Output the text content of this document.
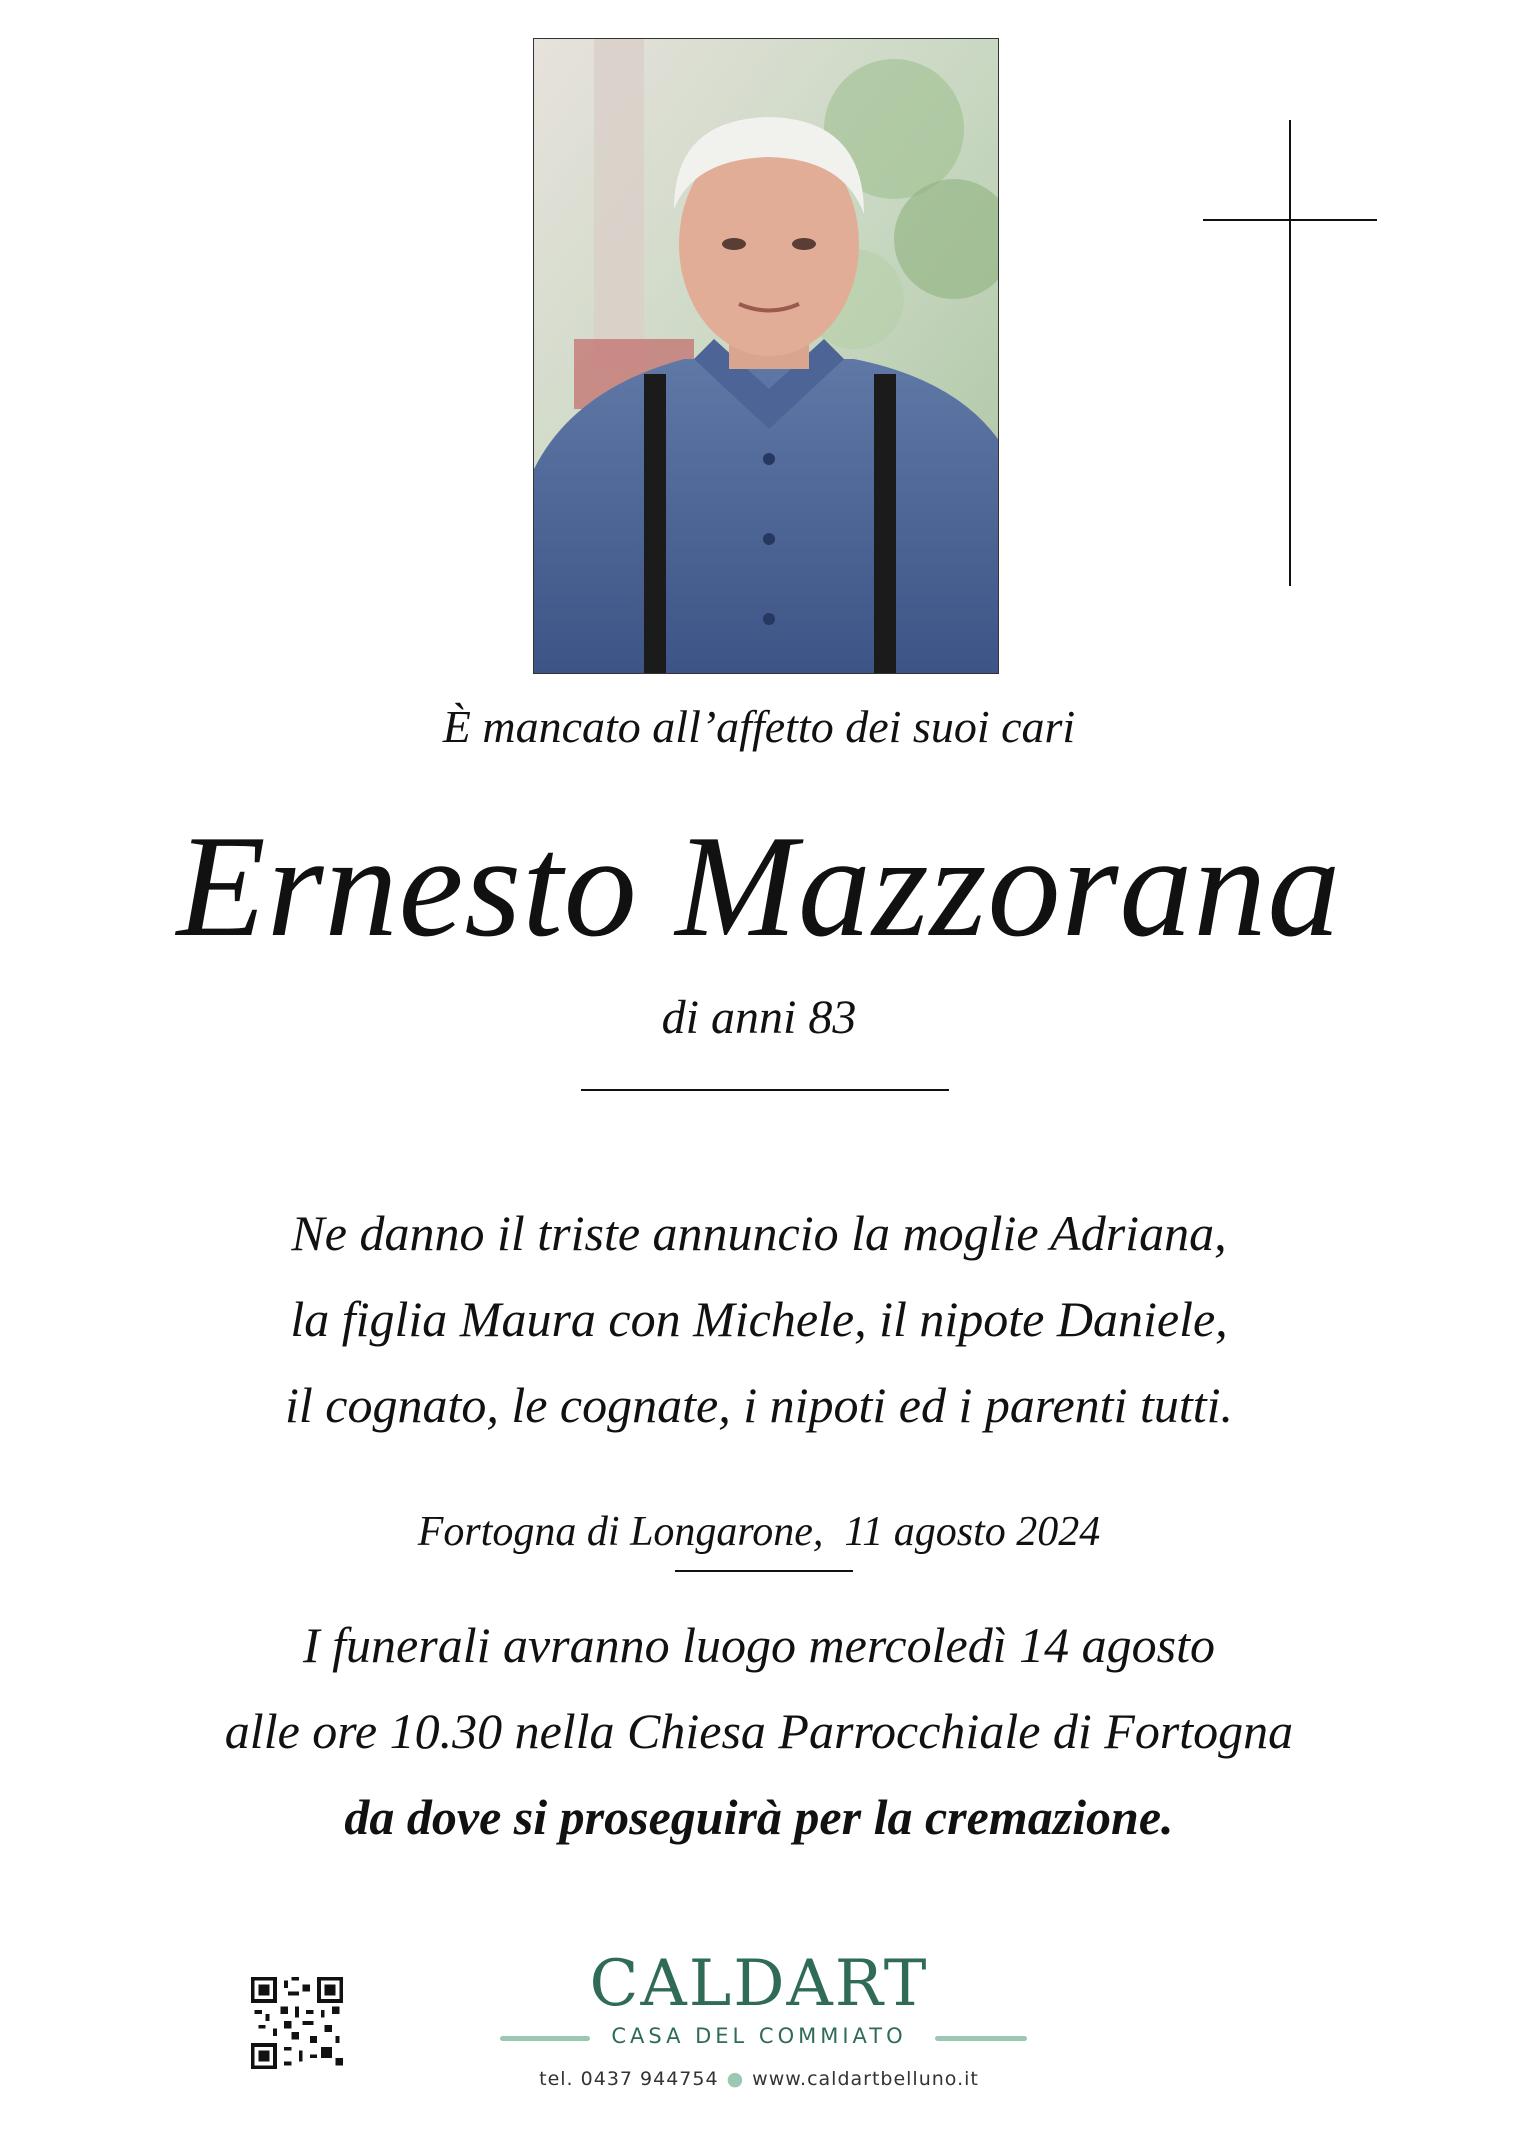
È mancato all’affetto dei suoi cari
Ernesto Mazzorana
di anni 83
Ne danno il triste annuncio la moglie Adriana,
la figlia Maura con Michele, il nipote Daniele,
il cognato, le cognate, i nipoti ed i parenti tutti.
Fortogna di Longarone,  11 agosto 2024
I funerali avranno luogo mercoledì 14 agosto
alle ore 10.30 nella Chiesa Parrocchiale di Fortogna
da dove si proseguirà per la cremazione.
CALDART
CASA DEL COMMIATO
tel. 0437 944754 ● www.caldartbelluno.it
